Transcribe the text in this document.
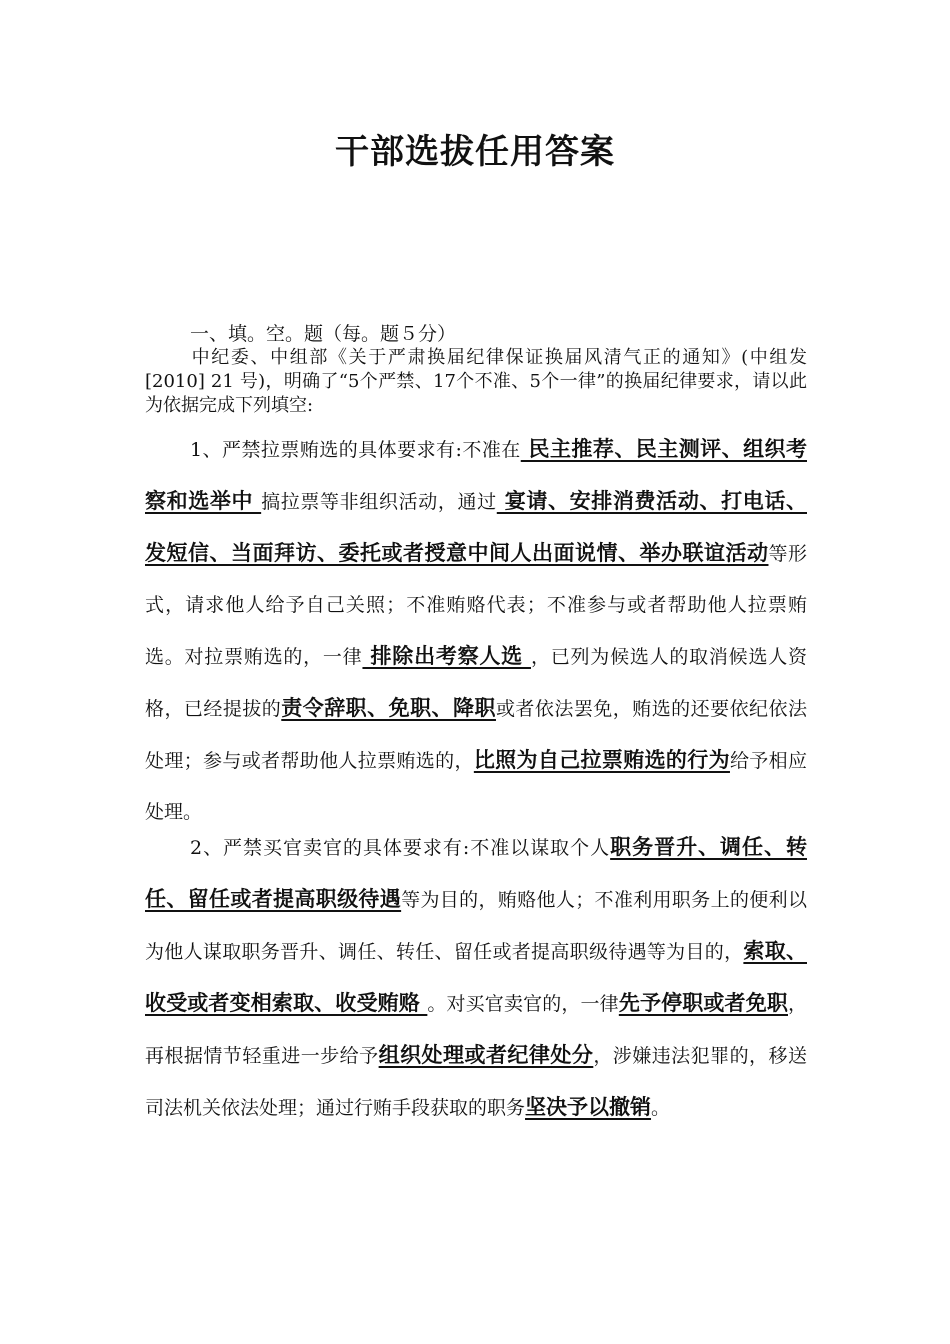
干部选拔任用答案
一、填。空。题（每。题５分）
中纪委、中组部《关于严肃换届纪律保证换届风清气正的通知》(中组发[2010] 21 号)，明确了“5个严禁、17个不准、5个一律”的换届纪律要求，请以此为依据完成下列填空:
1、严禁拉票贿选的具体要求有:不准在 民主推荐、民主测评、组织考察和选举中 搞拉票等非组织活动，通过 宴请、安排消费活动、打电话、发短信、当面拜访、委托或者授意中间人出面说情、举办联谊活动等形式，请求他人给予自己关照；不准贿赂代表；不准参与或者帮助他人拉票贿选。对拉票贿选的，一律 排除出考察人选 ，已列为候选人的取消候选人资格，已经提拔的责令辞职、免职、降职或者依法罢免，贿选的还要依纪依法处理；参与或者帮助他人拉票贿选的，比照为自己拉票贿选的行为给予相应处理。
2、严禁买官卖官的具体要求有:不准以谋取个人职务晋升、调任、转任、留任或者提高职级待遇等为目的，贿赂他人；不准利用职务上的便利以为他人谋取职务晋升、调任、转任、留任或者提高职级待遇等为目的，索取、收受或者变相索取、收受贿赂 。对买官卖官的，一律先予停职或者免职，再根据情节轻重进一步给予组织处理或者纪律处分，涉嫌违法犯罪的，移送司法机关依法处理；通过行贿手段获取的职务坚决予以撤销。
